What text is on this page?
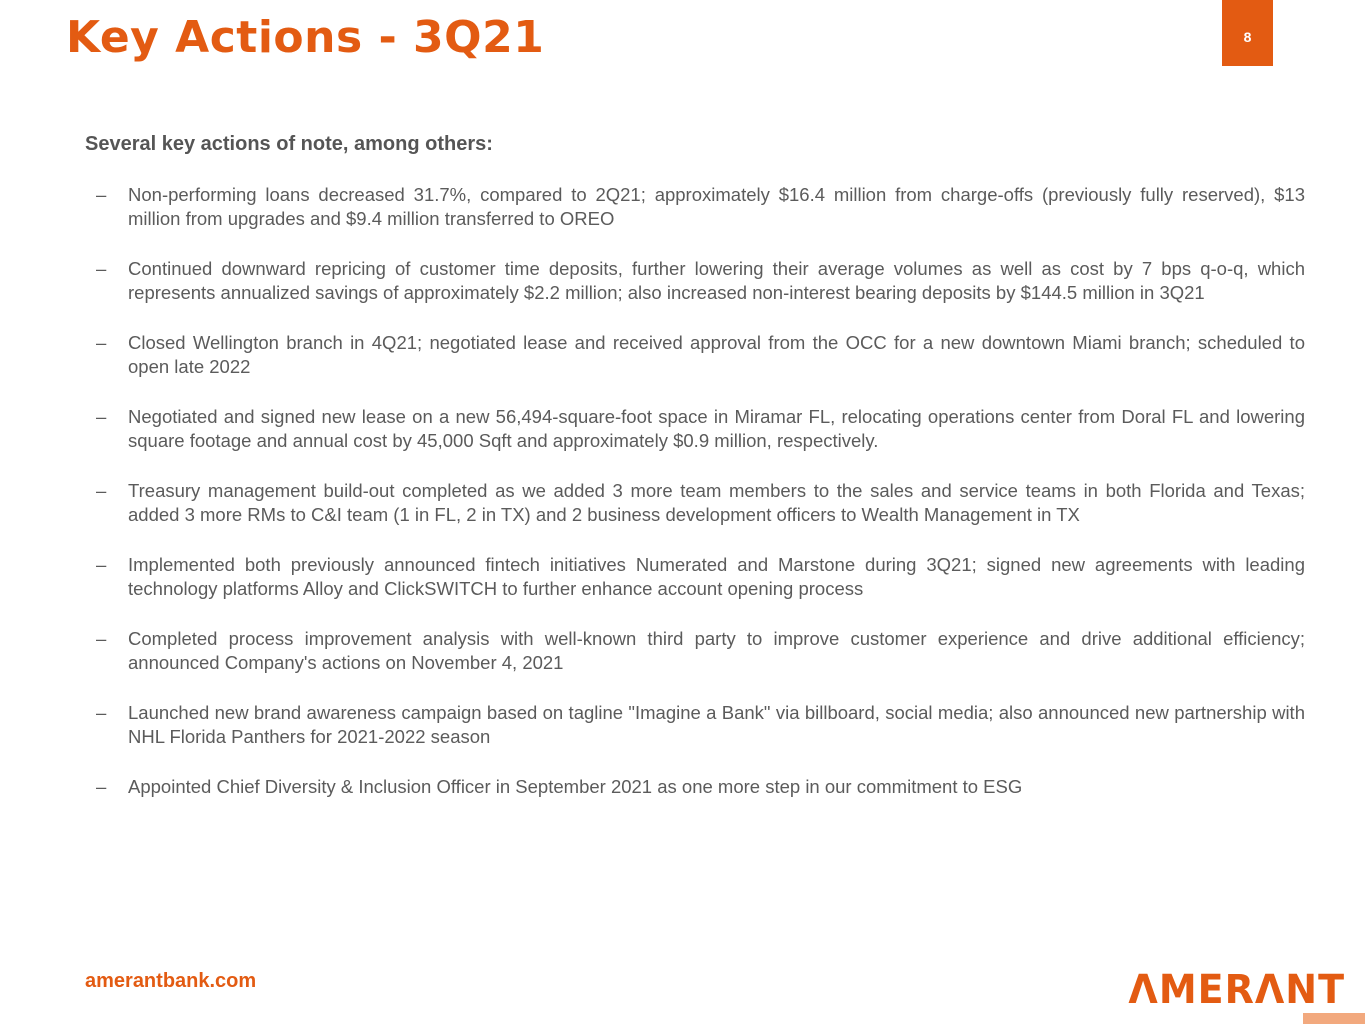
Key Actions - 3Q21	8

Several key actions of note, among others:

– Non-performing loans decreased 31.7%, compared to 2Q21; approximately $16.4 million from charge-offs (previously fully reserved), $13 million from upgrades and $9.4 million transferred to OREO
– Continued downward repricing of customer time deposits, further lowering their average volumes as well as cost by 7 bps q-o-q, which represents annualized savings of approximately $2.2 million; also increased non-interest bearing deposits by $144.5 million in 3Q21
– Closed Wellington branch in 4Q21; negotiated lease and received approval from the OCC for a new downtown Miami branch; scheduled to open late 2022
– Negotiated and signed new lease on a new 56,494-square-foot space in Miramar FL, relocating operations center from Doral FL and lowering square footage and annual cost by 45,000 Sqft and approximately $0.9 million, respectively.
– Treasury management build-out completed as we added 3 more team members to the sales and service teams in both Florida and Texas; added 3 more RMs to C&I team (1 in FL, 2 in TX) and 2 business development officers to Wealth Management in TX
– Implemented both previously announced fintech initiatives Numerated and Marstone during 3Q21; signed new agreements with leading technology platforms Alloy and ClickSWITCH to further enhance account opening process
– Completed process improvement analysis with well-known third party to improve customer experience and drive additional efficiency; announced Company's actions on November 4, 2021
– Launched new brand awareness campaign based on tagline "Imagine a Bank" via billboard, social media; also announced new partnership with NHL Florida Panthers for 2021-2022 season
– Appointed Chief Diversity & Inclusion Officer in September 2021 as one more step in our commitment to ESG
amerantbank.com	ΛMERΛNT
